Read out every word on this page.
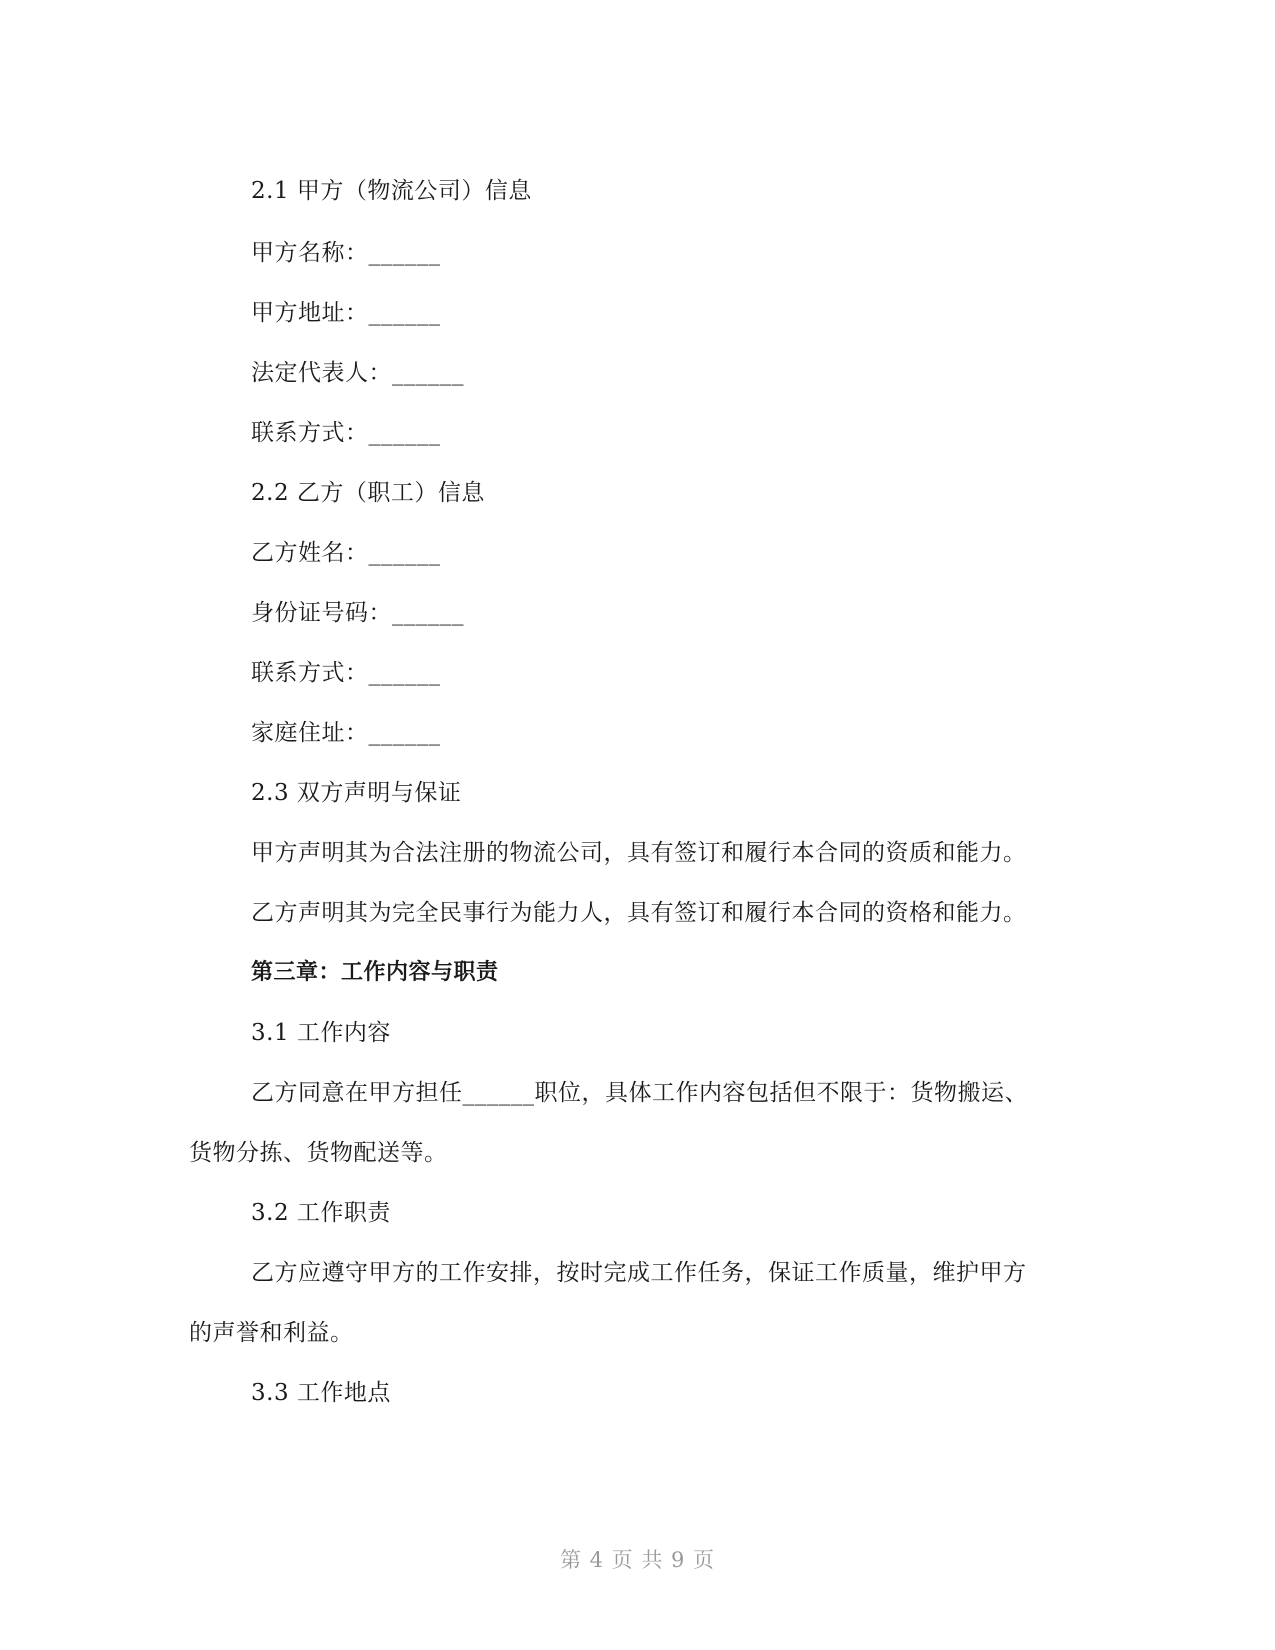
2.1 甲方（物流公司）信息
甲方名称：______
甲方地址：______
法定代表人：______
联系方式：______
2.2 乙方（职工）信息
乙方姓名：______
身份证号码：______
联系方式：______
家庭住址：______
2.3 双方声明与保证
甲方声明其为合法注册的物流公司，具有签订和履行本合同的资质和能力。
乙方声明其为完全民事行为能力人，具有签订和履行本合同的资格和能力。
第三章：工作内容与职责
3.1 工作内容
乙方同意在甲方担任______职位，具体工作内容包括但不限于：货物搬运、
货物分拣、货物配送等。
3.2 工作职责
乙方应遵守甲方的工作安排，按时完成工作任务，保证工作质量，维护甲方
的声誉和利益。
3.3 工作地点
第 4 页 共 9 页
